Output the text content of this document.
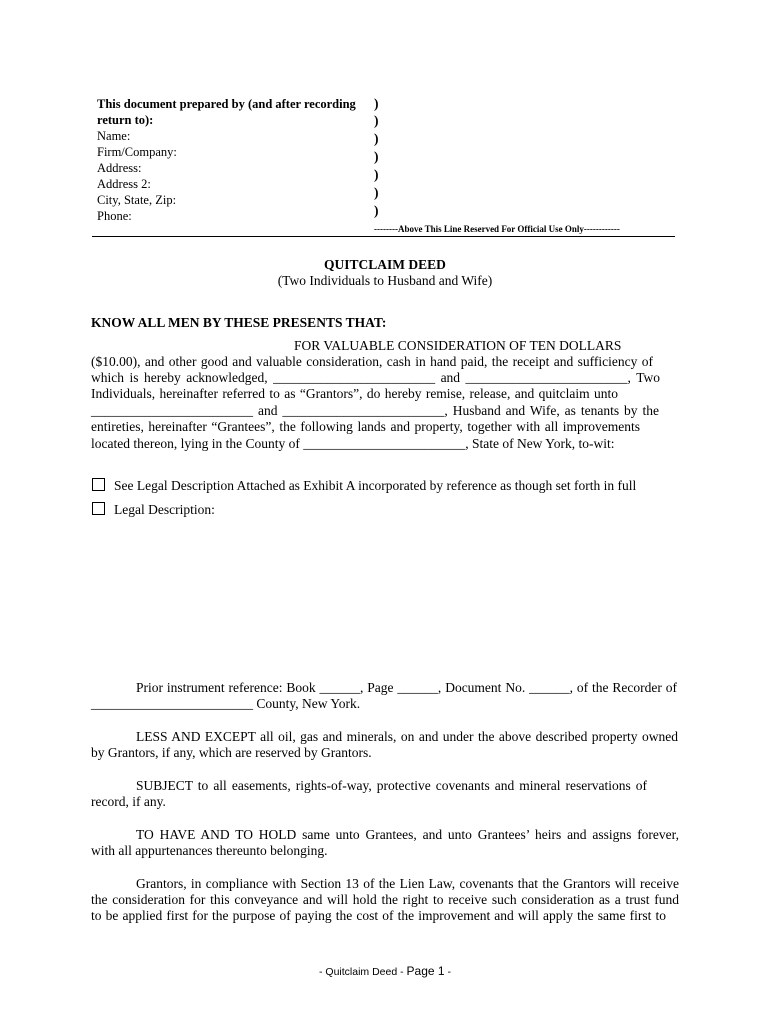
This document prepared by (and after recording
return to):
Name:
Firm/Company:
Address:
Address 2:
City, State, Zip:
Phone:
)
)
)
)
)
)
)
--------Above This Line Reserved For Official Use Only------------
QUITCLAIM DEED
(Two Individuals to Husband and Wife)
KNOW ALL MEN BY THESE PRESENTS THAT:
FOR VALUABLE CONSIDERATION OF TEN DOLLARS
($10.00), and other good and valuable consideration, cash in hand paid, the receipt and sufficiency of
which is hereby acknowledged, ________________________ and ________________________, Two
Individuals, hereinafter referred to as “Grantors”, do hereby remise, release, and quitclaim unto
________________________ and ________________________, Husband and Wife, as tenants by the
entireties, hereinafter “Grantees”, the following lands and property, together with all improvements
located thereon, lying in the County of ________________________, State of New York, to-wit:
See Legal Description Attached as Exhibit A incorporated by reference as though set forth in full
Legal Description:
Prior instrument reference: Book ______, Page ______, Document No. ______, of the Recorder of
________________________ County, New York.
LESS AND EXCEPT all oil, gas and minerals, on and under the above described property owned
by Grantors, if any, which are reserved by Grantors.
SUBJECT to all easements, rights-of-way, protective covenants and mineral reservations of
record, if any.
TO HAVE AND TO HOLD same unto Grantees, and unto Grantees’ heirs and assigns forever,
with all appurtenances thereunto belonging.
Grantors, in compliance with Section 13 of the Lien Law, covenants that the Grantors will receive
the consideration for this conveyance and will hold the right to receive such consideration as a trust fund
to be applied first for the purpose of paying the cost of the improvement and will apply the same first to
- Quitclaim Deed - Page 1 -
